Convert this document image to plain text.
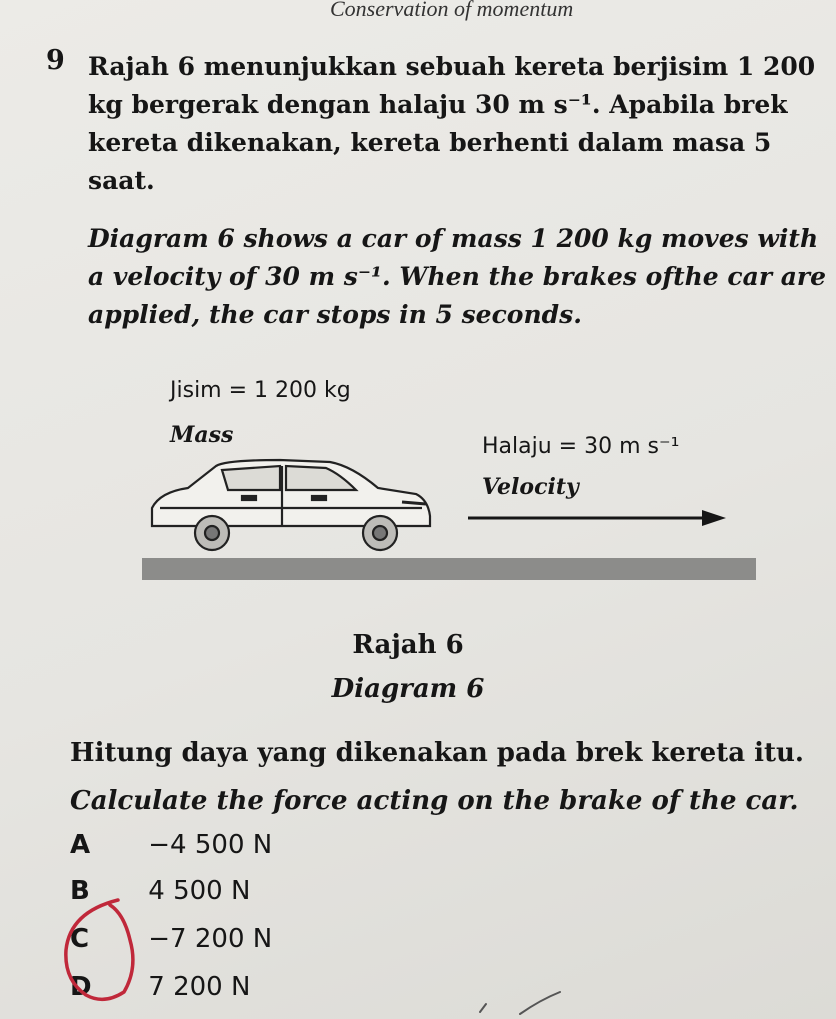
Conservation of momentum
9 Rajah 6 menunjukkan sebuah kereta berjisim 1 200 kg bergerak dengan halaju 30 m s⁻¹. Apabila brek kereta dikenakan, kereta berhenti dalam masa 5 saat.
Diagram 6 shows a car of mass 1 200 kg moves with a velocity of 30 m s⁻¹. When the brakes ofthe car are applied, the car stops in 5 seconds.
Jisim = 1 200 kg
Mass	Halaju = 30 m s⁻¹
Velocity
Rajah 6
Diagram 6
Hitung daya yang dikenakan pada brek kereta itu.
Calculate the force acting on the brake of the car.
A −4 500 N
B 4 500 N
C −7 200 N
D 7 200 N
